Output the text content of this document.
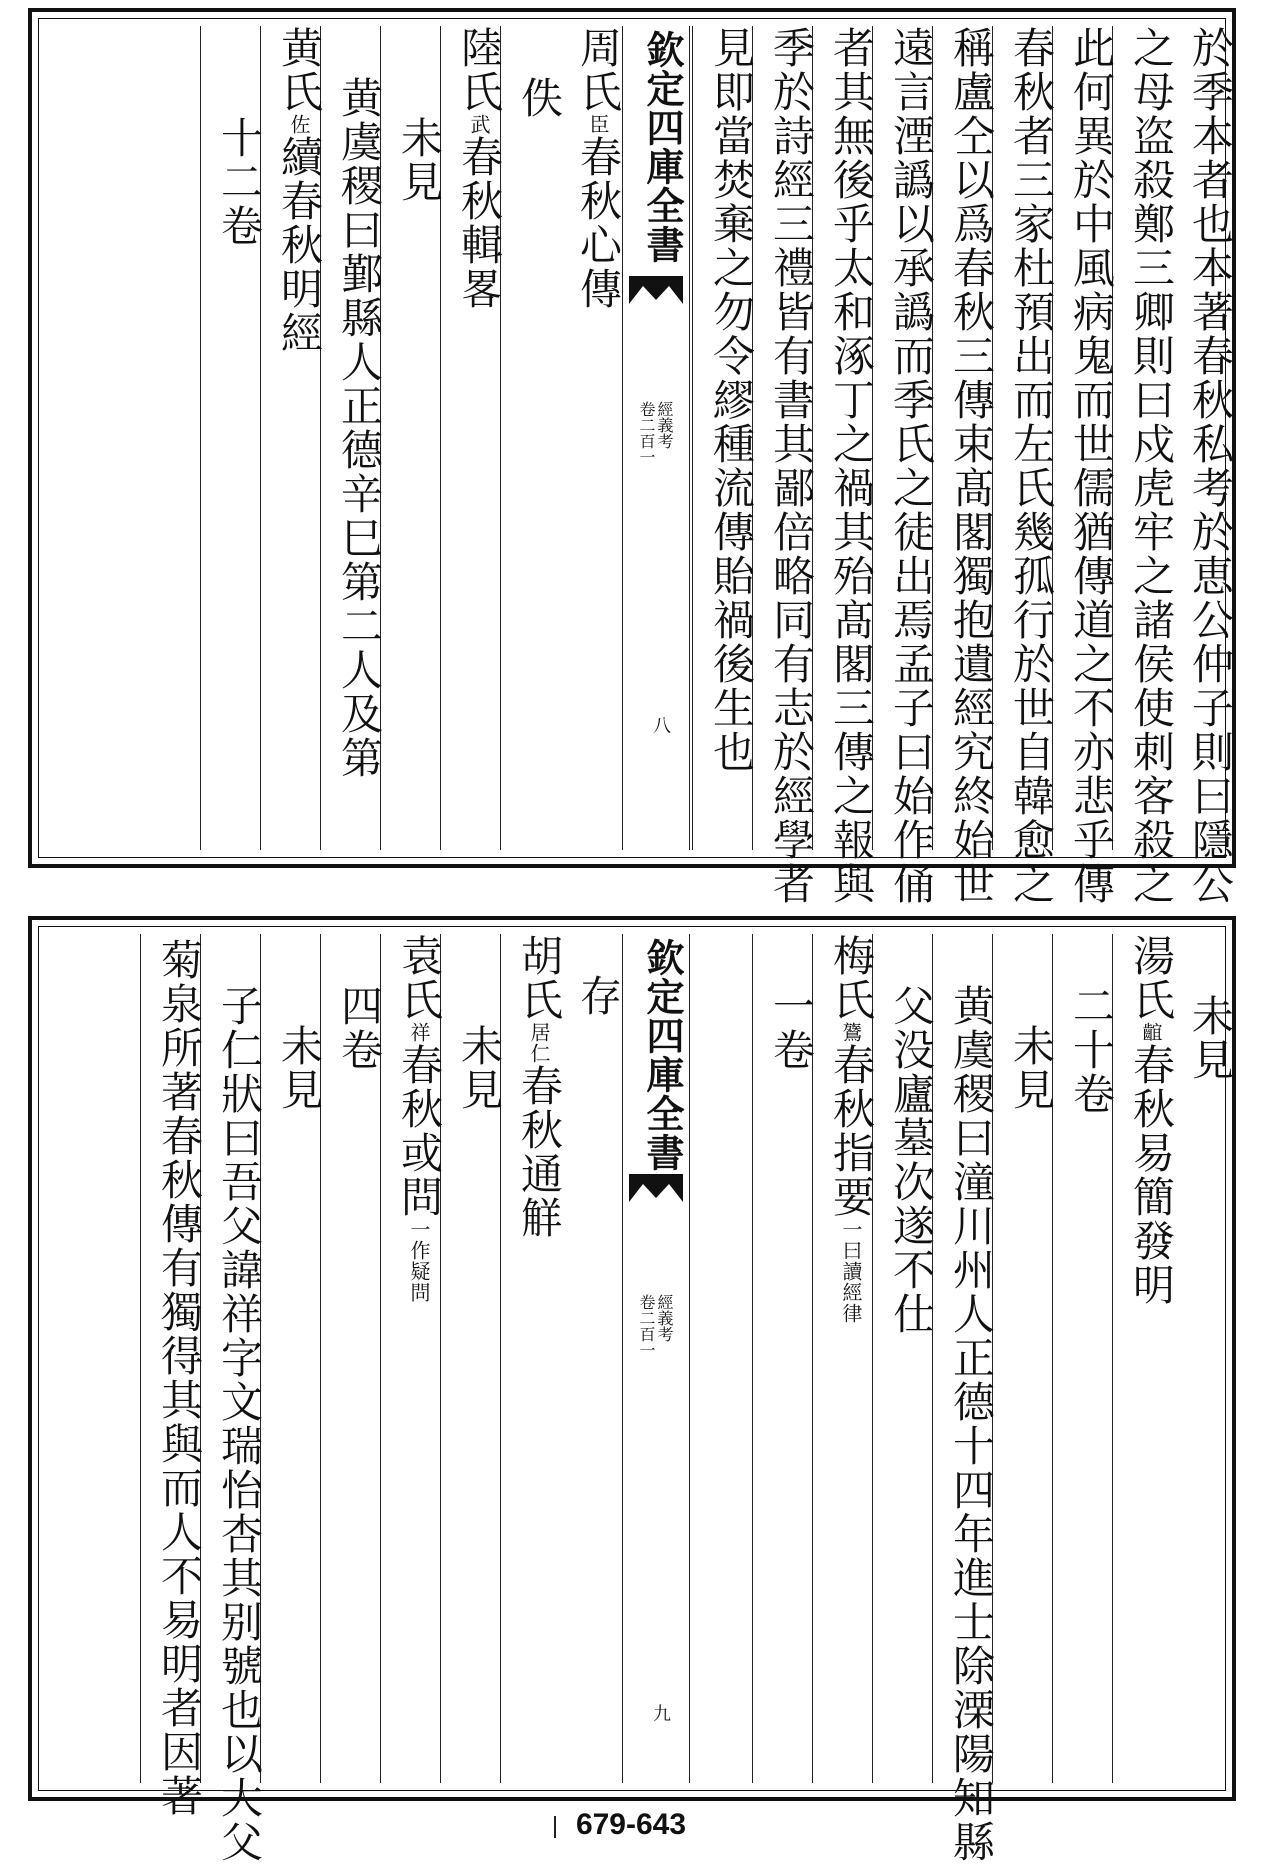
於季本者也本著春秋私考於恵公仲子則曰隱公
之母盗殺鄭三卿則曰戍虎牢之諸侯使刺客殺之
此何異於中風病鬼而世儒猶傳道之不亦悲乎傳
春秋者三家杜預出而左氏幾孤行於世自韓愈之
稱盧仝以爲春秋三傳束髙閣獨抱遺經究終始世
遠言湮譌以承譌而季氏之徒出焉孟子曰始作俑
者其無後乎太和涿丁之禍其殆髙閣三傳之報與
季於詩經三禮皆有書其鄙倍略同有志於經學者
見即當焚棄之勿令繆種流傳貽禍後生也
欽定四庫全書
經義考
卷二百一
八
周氏臣春秋心傳
佚
陸氏武春秋輯畧
未見
黄虞稷曰鄞縣人正德辛巳第二人及第
黄氏佐續春秋明經
十二卷
未見
湯氏𪘲春秋易簡發明
二十卷
未見
黄虞稷曰潼川州人正德十四年進士除溧陽知縣
父没廬墓次遂不仕
梅氏鷟春秋指要一曰讀經律
一卷
欽定四庫全書
經義考
卷二百一
九
存
胡氏居仁春秋通觧
未見
袁氏祥春秋或問一作疑問
四卷
未見
子仁狀曰吾父諱祥字文瑞怡杏其别號也以大父
菊泉所著春秋傳有獨得其與而人不易明者因著
679-643
